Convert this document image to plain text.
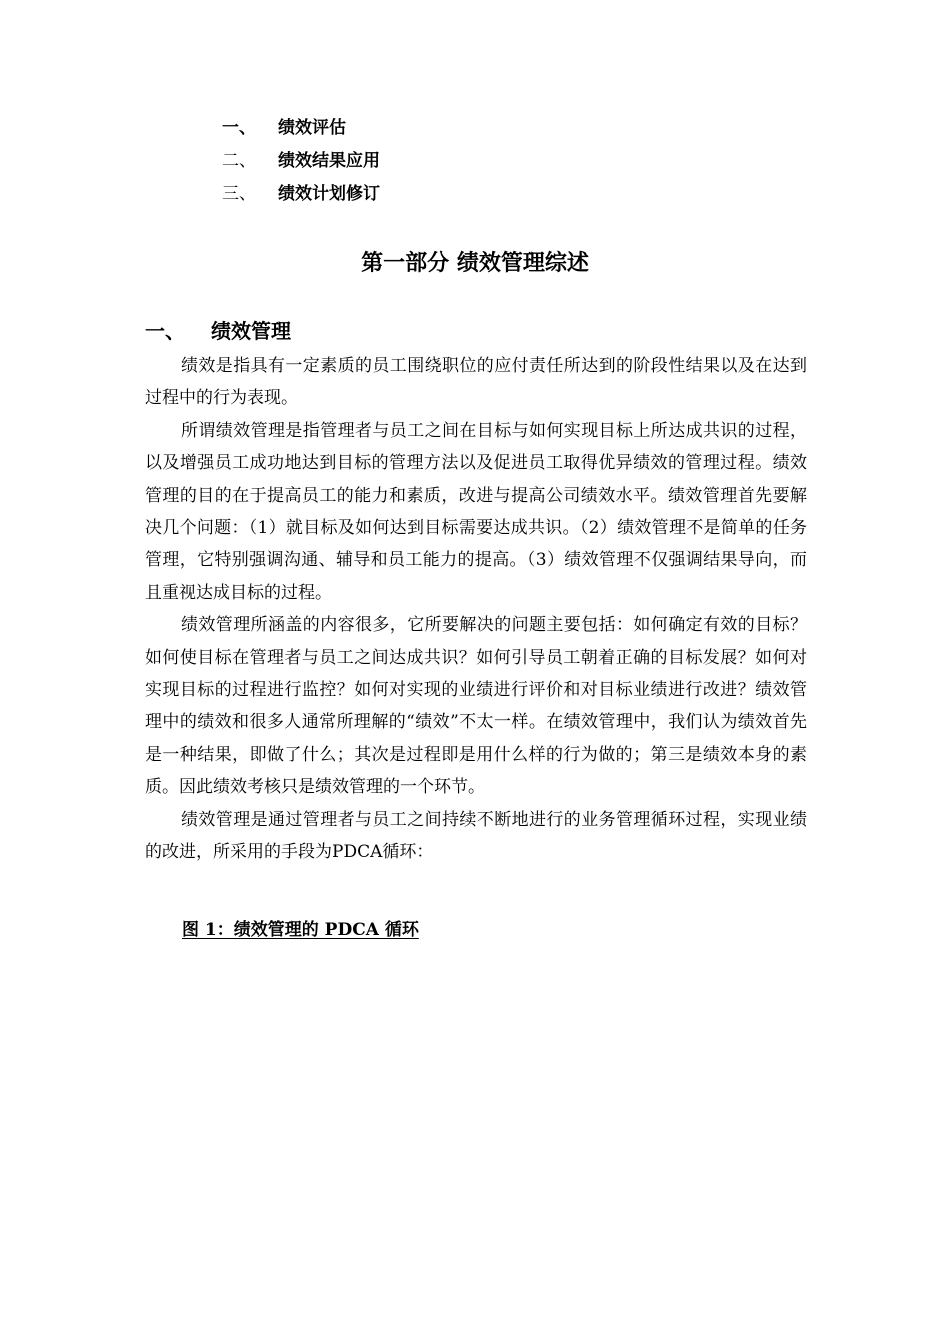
一、 绩效评估
二、 绩效结果应用
三、 绩效计划修订
第一部分 绩效管理综述
一、 绩效管理

绩效是指具有一定素质的员工围绕职位的应付责任所达到的阶段性结果以及在达到过程中的行为表现。

所谓绩效管理是指管理者与员工之间在目标与如何实现目标上所达成共识的过程，以及增强员工成功地达到目标的管理方法以及促进员工取得优异绩效的管理过程。绩效管理的目的在于提高员工的能力和素质，改进与提高公司绩效水平。绩效管理首先要解决几个问题：（1）就目标及如何达到目标需要达成共识。（2）绩效管理不是简单的任务管理，它特别强调沟通、辅导和员工能力的提高。（3）绩效管理不仅强调结果导向，而且重视达成目标的过程。

绩效管理所涵盖的内容很多，它所要解决的问题主要包括：如何确定有效的目标？如何使目标在管理者与员工之间达成共识？如何引导员工朝着正确的目标发展？如何对实现目标的过程进行监控？如何对实现的业绩进行评价和对目标业绩进行改进？绩效管理中的绩效和很多人通常所理解的“绩效”不太一样。在绩效管理中，我们认为绩效首先是一种结果，即做了什么；其次是过程即是用什么样的行为做的；第三是绩效本身的素质。因此绩效考核只是绩效管理的一个环节。

绩效管理是通过管理者与员工之间持续不断地进行的业务管理循环过程，实现业绩的改进，所采用的手段为PDCA循环：

图 1：绩效管理的 PDCA 循环
